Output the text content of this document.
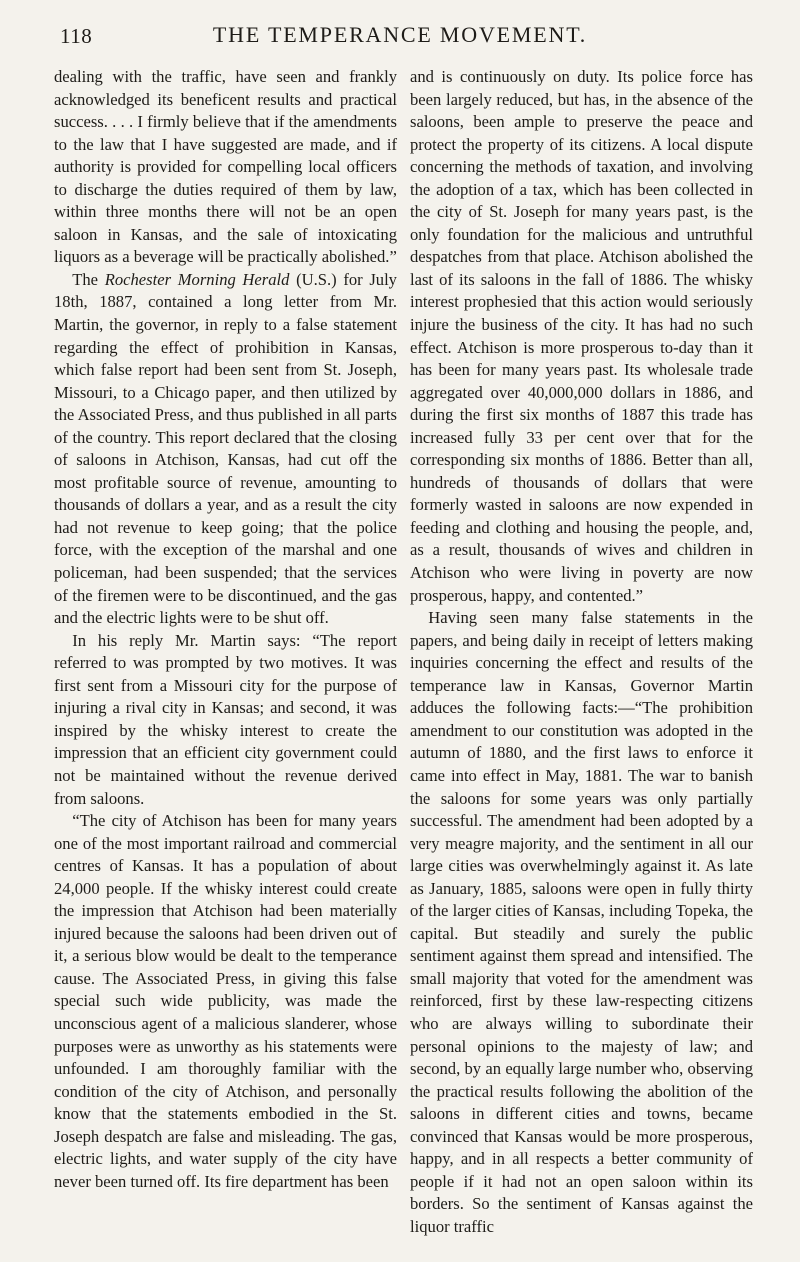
118	THE TEMPERANCE MOVEMENT.

dealing with the traffic, have seen and frankly acknowledged its beneficent results and practical success. . . . I firmly believe that if the amendments to the law that I have suggested are made, and if authority is provided for compelling local officers to discharge the duties required of them by law, within three months there will not be an open saloon in Kansas, and the sale of intoxicating liquors as a beverage will be practically abolished.”

The Rochester Morning Herald (U.S.) for July 18th, 1887, contained a long letter from Mr. Martin, the governor, in reply to a false statement regarding the effect of prohibition in Kansas, which false report had been sent from St. Joseph, Missouri, to a Chicago paper, and then utilized by the Associated Press, and thus published in all parts of the country. This report declared that the closing of saloons in Atchison, Kansas, had cut off the most profitable source of revenue, amounting to thousands of dollars a year, and as a result the city had not revenue to keep going; that the police force, with the exception of the marshal and one policeman, had been suspended; that the services of the firemen were to be discontinued, and the gas and the electric lights were to be shut off.

In his reply Mr. Martin says: “The report referred to was prompted by two motives. It was first sent from a Missouri city for the purpose of injuring a rival city in Kansas; and second, it was inspired by the whisky interest to create the impression that an efficient city government could not be maintained without the revenue derived from saloons.

“The city of Atchison has been for many years one of the most important railroad and commercial centres of Kansas. It has a population of about 24,000 people. If the whisky interest could create the impression that Atchison had been materially injured because the saloons had been driven out of it, a serious blow would be dealt to the temperance cause. The Associated Press, in giving this false special such wide publicity, was made the unconscious agent of a malicious slanderer, whose purposes were as unworthy as his statements were unfounded. I am thoroughly familiar with the condition of the city of Atchison, and personally know that the statements embodied in the St. Joseph despatch are false and misleading. The gas, electric lights, and water supply of the city have never been turned off. Its fire department has been

and is continuously on duty. Its police force has been largely reduced, but has, in the absence of the saloons, been ample to preserve the peace and protect the property of its citizens. A local dispute concerning the methods of taxation, and involving the adoption of a tax, which has been collected in the city of St. Joseph for many years past, is the only foundation for the malicious and untruthful despatches from that place. Atchison abolished the last of its saloons in the fall of 1886. The whisky interest prophesied that this action would seriously injure the business of the city. It has had no such effect. Atchison is more prosperous to-day than it has been for many years past. Its wholesale trade aggregated over 40,000,000 dollars in 1886, and during the first six months of 1887 this trade has increased fully 33 per cent over that for the corresponding six months of 1886. Better than all, hundreds of thousands of dollars that were formerly wasted in saloons are now expended in feeding and clothing and housing the people, and, as a result, thousands of wives and children in Atchison who were living in poverty are now prosperous, happy, and contented.”

Having seen many false statements in the papers, and being daily in receipt of letters making inquiries concerning the effect and results of the temperance law in Kansas, Governor Martin adduces the following facts:—“The prohibition amendment to our constitution was adopted in the autumn of 1880, and the first laws to enforce it came into effect in May, 1881. The war to banish the saloons for some years was only partially successful. The amendment had been adopted by a very meagre majority, and the sentiment in all our large cities was overwhelmingly against it. As late as January, 1885, saloons were open in fully thirty of the larger cities of Kansas, including Topeka, the capital. But steadily and surely the public sentiment against them spread and intensified. The small majority that voted for the amendment was reinforced, first by these law-respecting citizens who are always willing to subordinate their personal opinions to the majesty of law; and second, by an equally large number who, observing the practical results following the abolition of the saloons in different cities and towns, became convinced that Kansas would be more prosperous, happy, and in all respects a better community of people if it had not an open saloon within its borders. So the sentiment of Kansas against the liquor traffic
